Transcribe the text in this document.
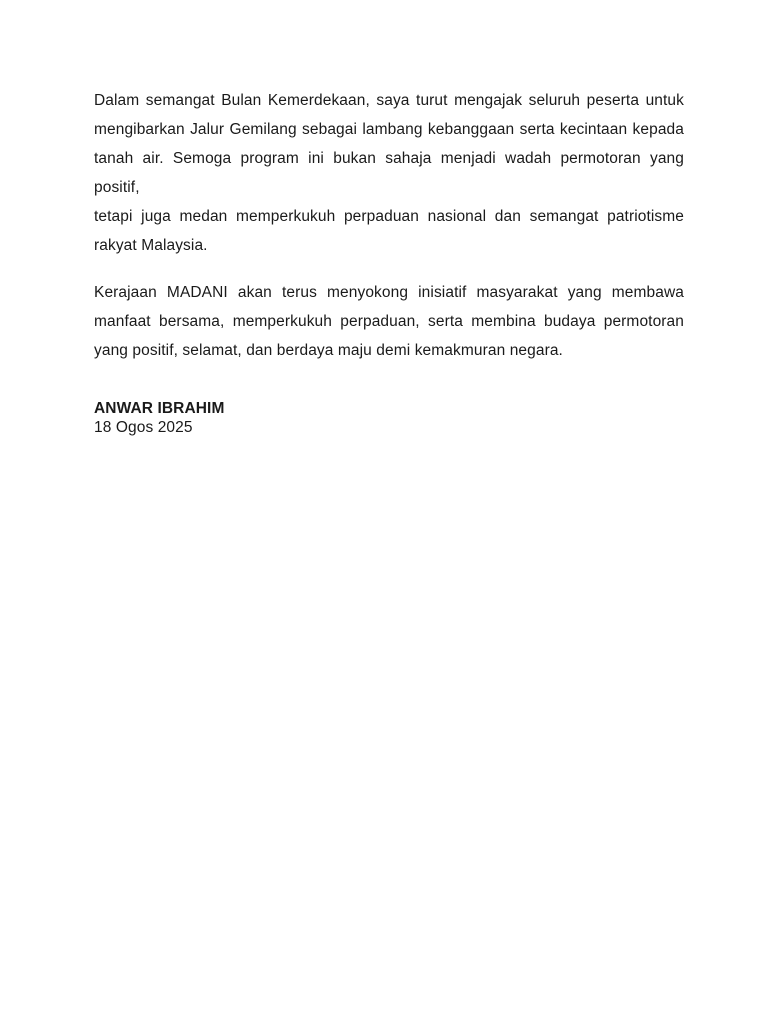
Dalam semangat Bulan Kemerdekaan, saya turut mengajak seluruh peserta untuk
mengibarkan Jalur Gemilang sebagai lambang kebanggaan serta kecintaan kepada
tanah air. Semoga program ini bukan sahaja menjadi wadah permotoran yang positif,
tetapi juga medan memperkukuh perpaduan nasional dan semangat patriotisme
rakyat Malaysia.
Kerajaan MADANI akan terus menyokong inisiatif masyarakat yang membawa
manfaat bersama, memperkukuh perpaduan, serta membina budaya permotoran
yang positif, selamat, dan berdaya maju demi kemakmuran negara.
ANWAR IBRAHIM
18 Ogos 2025
